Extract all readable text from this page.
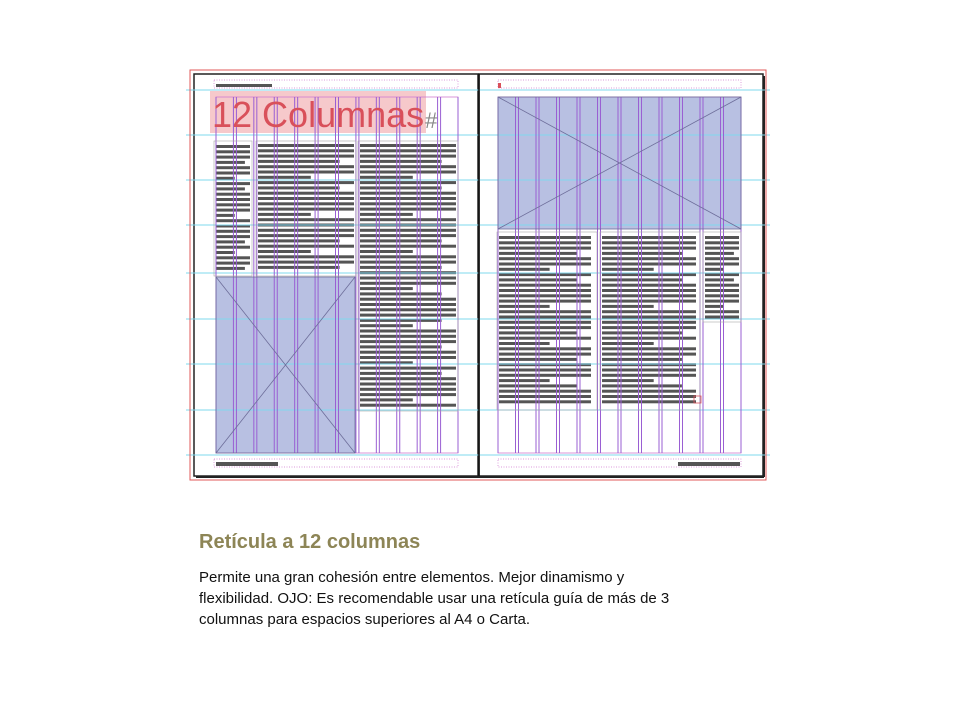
12 Columnas #
Retícula a 12 columnas
Permite una gran cohesión entre elementos. Mejor dinamismo y
flexibilidad. OJO: Es recomendable usar una retícula guía de más de 3
columnas para espacios superiores al A4 o Carta.
